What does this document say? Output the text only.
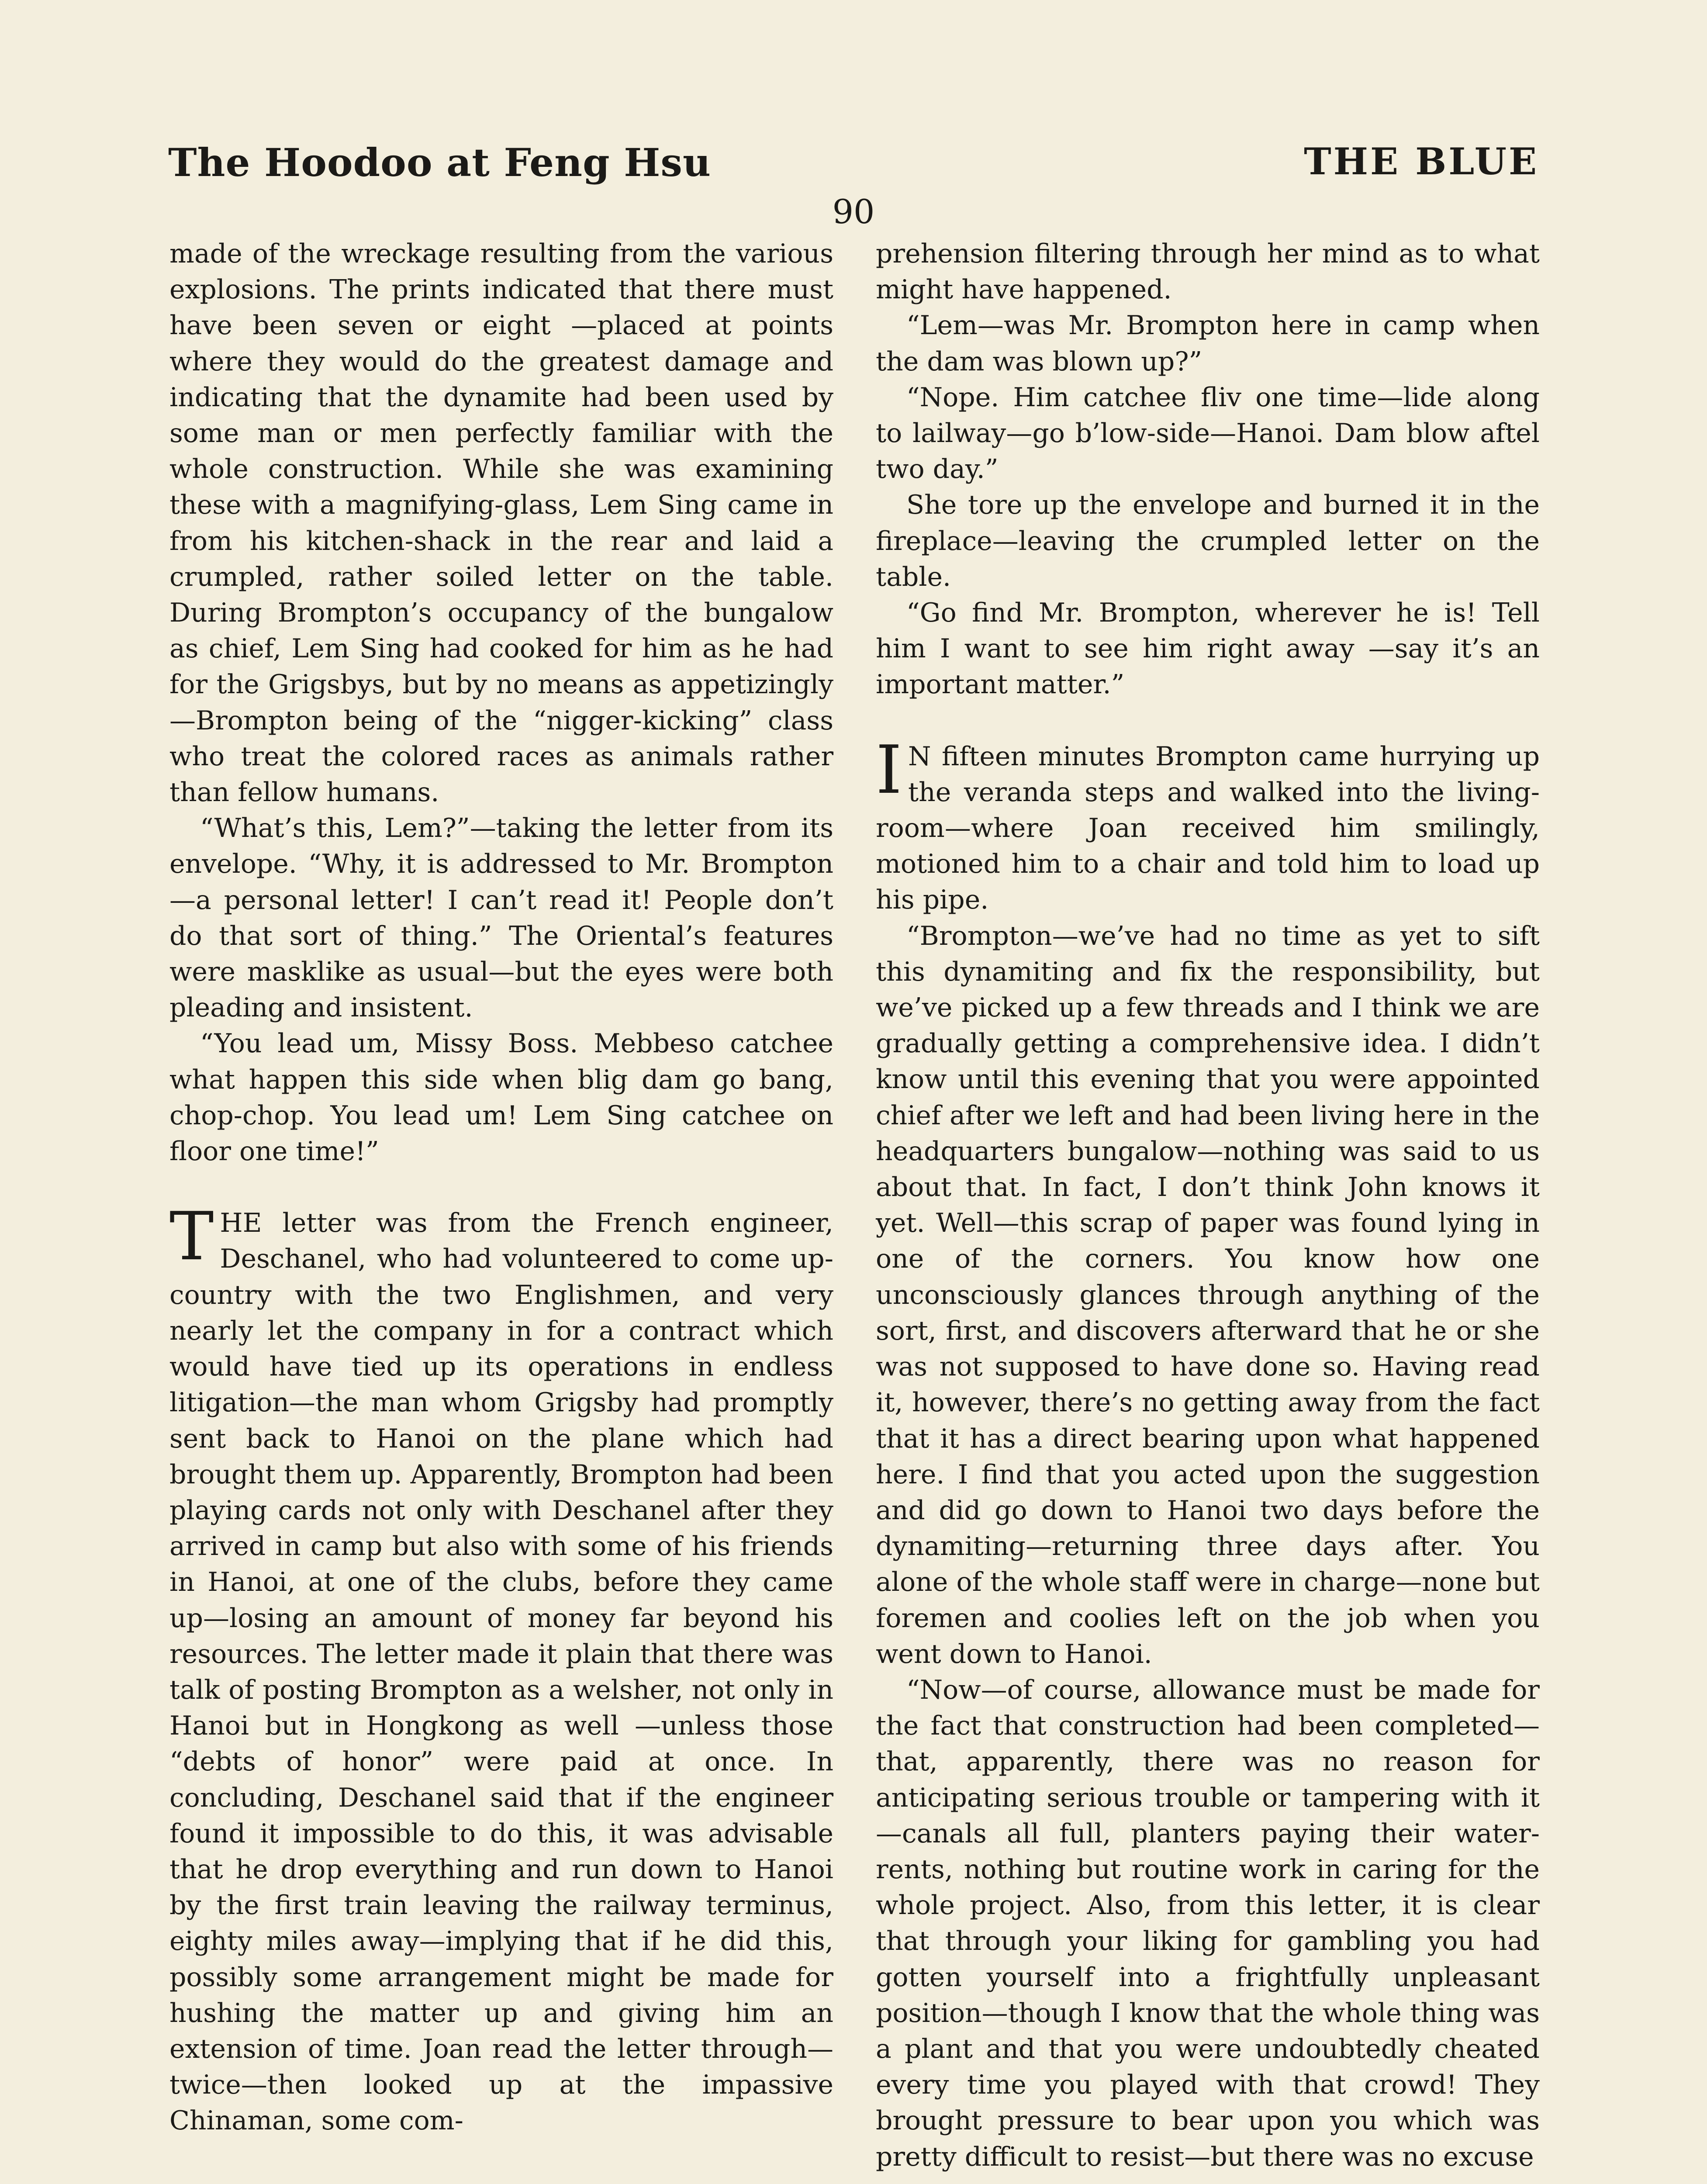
The Hoodoo at Feng Hsu	THE BLUE
90

made of the wreckage resulting from the various explosions. The prints indicated that there must have been seven or eight —placed at points where they would do the greatest damage and indicating that the dynamite had been used by some man or men perfectly familiar with the whole construction. While she was examining these with a magnifying-glass, Lem Sing came in from his kitchen-shack in the rear and laid a crumpled, rather soiled letter on the table. During Brompton’s occupancy of the bungalow as chief, Lem Sing had cooked for him as he had for the Grigsbys, but by no means as appetizingly —Brompton being of the “nigger-kicking” class who treat the colored races as animals rather than fellow humans.

“What’s this, Lem?”—taking the letter from its envelope. “Why, it is addressed to Mr. Brompton—a personal letter! I can’t read it! People don’t do that sort of thing.” The Oriental’s features were masklike as usual—but the eyes were both pleading and insistent.

“You lead um, Missy Boss. Mebbeso catchee what happen this side when blig dam go bang, chop-chop. You lead um! Lem Sing catchee on floor one time!”

THE letter was from the French engineer, Deschanel, who had volunteered to come up-country with the two Englishmen, and very nearly let the company in for a contract which would have tied up its operations in endless litigation—the man whom Grigsby had promptly sent back to Hanoi on the plane which had brought them up. Apparently, Brompton had been playing cards not only with Deschanel after they arrived in camp but also with some of his friends in Hanoi, at one of the clubs, before they came up—losing an amount of money far beyond his resources. The letter made it plain that there was talk of posting Brompton as a welsher, not only in Hanoi but in Hongkong as well —unless those “debts of honor” were paid at once. In concluding, Deschanel said that if the engineer found it impossible to do this, it was advisable that he drop everything and run down to Hanoi by the first train leaving the railway terminus, eighty miles away—implying that if he did this, possibly some arrangement might be made for hushing the matter up and giving him an extension of time. Joan read the letter through—twice—then looked up at the impassive Chinaman, some com-

prehension filtering through her mind as to what might have happened.

“Lem—was Mr. Brompton here in camp when the dam was blown up?”

“Nope. Him catchee fliv one time—lide along to lailway—go b’low-side—Hanoi. Dam blow aftel two day.”

She tore up the envelope and burned it in the fireplace—leaving the crumpled letter on the table.

“Go find Mr. Brompton, wherever he is! Tell him I want to see him right away —say it’s an important matter.”

I N fifteen minutes Brompton came hurrying up the veranda steps and walked into the living-room—where Joan received him smilingly, motioned him to a chair and told him to load up his pipe.

“Brompton—we’ve had no time as yet to sift this dynamiting and fix the responsibility, but we’ve picked up a few threads and I think we are gradually getting a comprehensive idea. I didn’t know until this evening that you were appointed chief after we left and had been living here in the headquarters bungalow—nothing was said to us about that. In fact, I don’t think John knows it yet. Well—this scrap of paper was found lying in one of the corners. You know how one unconsciously glances through anything of the sort, first, and discovers afterward that he or she was not supposed to have done so. Having read it, however, there’s no getting away from the fact that it has a direct bearing upon what happened here. I find that you acted upon the suggestion and did go down to Hanoi two days before the dynamiting—returning three days after. You alone of the whole staff were in charge—none but foremen and coolies left on the job when you went down to Hanoi.

“Now—of course, allowance must be made for the fact that construction had been completed—that, apparently, there was no reason for anticipating serious trouble or tampering with it—canals all full, planters paying their water-rents, nothing but routine work in caring for the whole project. Also, from this letter, it is clear that through your liking for gambling you had gotten yourself into a frightfully unpleasant position—though I know that the whole thing was a plant and that you were undoubtedly cheated every time you played with that crowd! They brought pressure to bear upon you which was pretty difficult to resist—but there was no excuse
